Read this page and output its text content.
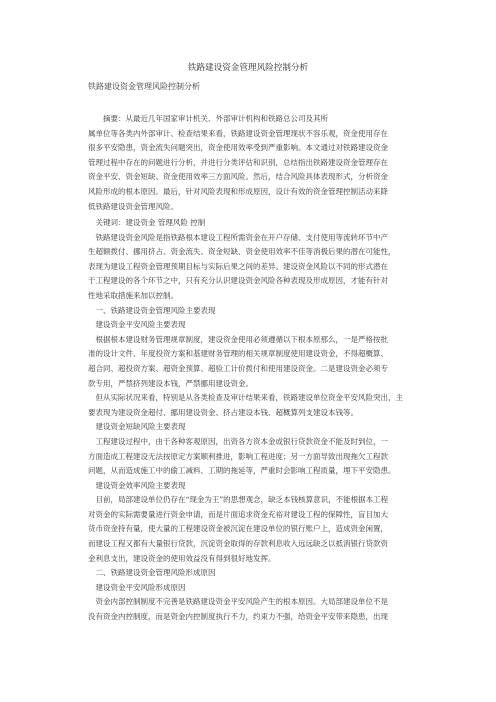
铁路建设资金管理风险控制分析
铁路建设资金管理风险控制分析
　　摘要：从最近几年国家审计机关、外部审计机构和铁路总公司及其所
属单位等各类内外部审计、检查结果来看，铁路建设资金管理现状不容乐观，资金使用存在
很多平安隐患，资金流失问题突出，资金使用效率受到严重影响。本文通过对铁路建设资金
管理过程中存在的问题进行分析，并进行分类评估和识别，总结指出铁路建设资金管理存在
资金平安、资金短缺、资金使用效率三方面风险。然后，结合风险具体表现形式，分析资金
风险形成的根本原因。最后，针对风险表现和形成原因，设计有效的资金管理控制活动来降
低铁路建设资金管理风险。
　关键词：建设资金 管理风险 控制
　铁路建设资金风险是指铁路根本建设工程所需资金在开户存储、支付使用等流转环节中产
生超额拨付、挪用挤占、资金流失、资金短缺、资金使用效率不佳等消极后果的潜在可能性，
表现为建设工程资金管理预期目标与实际后果之间的差异。建设资金风险以不同的形式潜在
于工程建设的各个环节之中，只有充分认识建设资金风险各种表现及形成原因，才能有针对
性地采取措施来加以控制。
　一、铁路建设资金管理风险主要表现
　建设资金平安风险主要表现
　根据根本建设财务管理规章制度，建设资金使用必须遵循以下根本原那么，一是严格按批
准的设计文件、年度投资方案和基建财务管理的相关规章制度使用建设资金，不得超概算、
超合同、超投资方案、超资金预算、超验工计价拨付和使用建设资金。二是建设资金必须专
款专用，严禁挤列建设本钱，严禁挪用建设资金。
　但从实际状况来看，特别是从各类检查及审计结果来看，铁路建设单位资金平安风险突出，主
要表现为建设资金超付、挪用建设资金、挤占建设本钱、超概算列支建设本钱等。
　建设资金短缺风险主要表现
　工程建设过程中，由于各种客观原因，出资各方资本金或银行贷款资金不能及时到位，一
方面造成工程建设无法按原定方案顺利推进，影响工程进度；另一方面导致出现拖欠工程款
问题，从而造成施工中的偷工减料、工期的拖延等，严重时会影响工程质量，埋下平安隐患。
　建设资金效率风险主要表现
　目前，局部建设单位仍存在“现金为王”的思想观念，缺乏本钱核算意识，不能根据本工程
对资金的实际需要量进行资金申请，而是片面追求资金充裕对建设工程的保障性，盲目加大
货币资金持有量，使大量的工程建设资金被沉淀在建设单位的银行账户上，造成资金闲置，
而建设工程又都有大量银行贷款，沉淀资金取得的存款利息收入远远缺乏以抵消银行贷款资
金利息支出，建设资金的使用效益没有得到很好地发挥。
　二、铁路建设资金管理风险形成原因
　建设资金平安风险形成原因
　资金内部控制制度不完善是铁路建设资金平安风险产生的根本原因。大局部建设单位不是
没有资金内控制度，而是资金内控制度执行不力，约束力不强，给资金平安带来隐患，出现
